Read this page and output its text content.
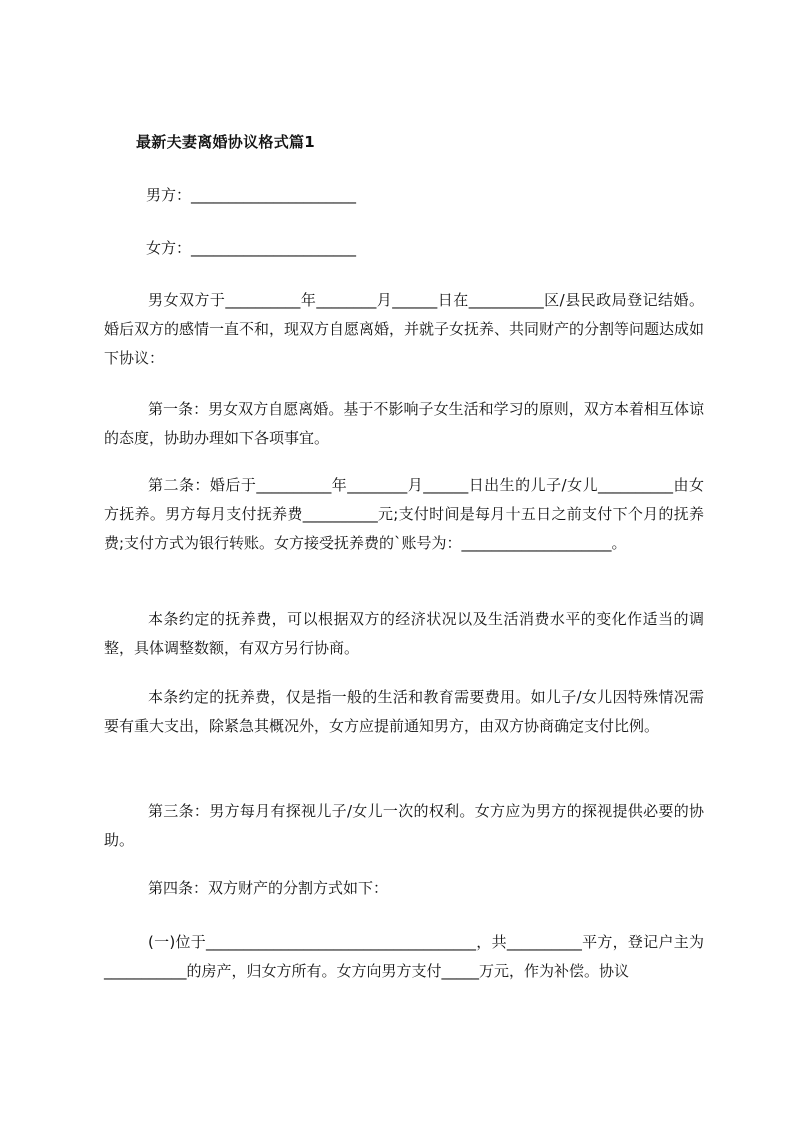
最新夫妻离婚协议格式篇1
男方：______________________
女方：______________________
男女双方于__________年________月______日在__________区/县民政局登记结婚。婚后双方的感情一直不和，现双方自愿离婚，并就子女抚养、共同财产的分割等问题达成如下协议：
第一条：男女双方自愿离婚。基于不影响子女生活和学习的原则，双方本着相互体谅的态度，协助办理如下各项事宜。
第二条：婚后于__________年________月______日出生的儿子/女儿__________由女方抚养。男方每月支付抚养费__________元;支付时间是每月十五日之前支付下个月的抚养费;支付方式为银行转账。女方接受抚养费的`账号为：____________________。
本条约定的抚养费，可以根据双方的经济状况以及生活消费水平的变化作适当的调整，具体调整数额，有双方另行协商。
本条约定的抚养费，仅是指一般的生活和教育需要费用。如儿子/女儿因特殊情况需要有重大支出，除紧急其概况外，女方应提前通知男方，由双方协商确定支付比例。
第三条：男方每月有探视儿子/女儿一次的权利。女方应为男方的探视提供必要的协助。
第四条：双方财产的分割方式如下：
(一)位于____________________________________，共__________平方，登记户主为___________的房产，归女方所有。女方向男方支付_____万元，作为补偿。协议
